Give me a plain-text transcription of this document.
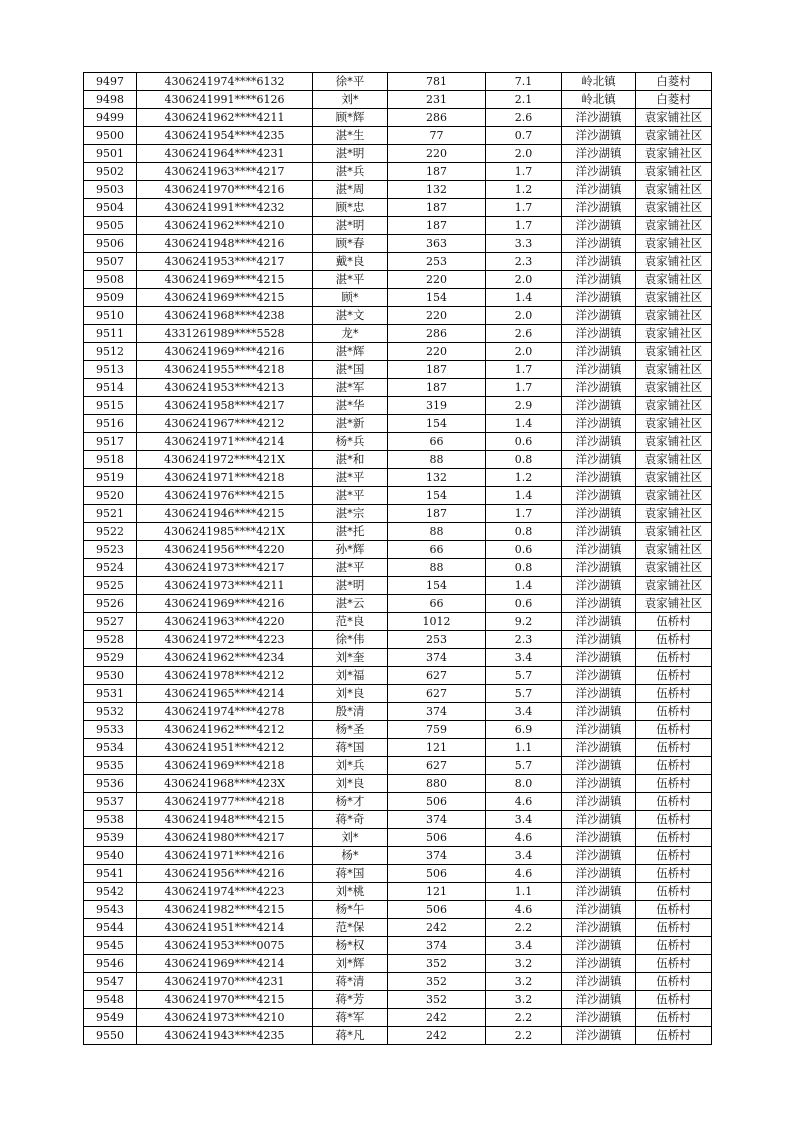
9497	4306241974****6132	徐*平	781	7.1	岭北镇	白菱村
9498	4306241991****6126	刘*	231	2.1	岭北镇	白菱村
9499	4306241962****4211	顾*辉	286	2.6	洋沙湖镇	袁家铺社区
9500	4306241954****4235	湛*生	77	0.7	洋沙湖镇	袁家铺社区
9501	4306241964****4231	湛*明	220	2.0	洋沙湖镇	袁家铺社区
9502	4306241963****4217	湛*兵	187	1.7	洋沙湖镇	袁家铺社区
9503	4306241970****4216	湛*周	132	1.2	洋沙湖镇	袁家铺社区
9504	4306241991****4232	顾*忠	187	1.7	洋沙湖镇	袁家铺社区
9505	4306241962****4210	湛*明	187	1.7	洋沙湖镇	袁家铺社区
9506	4306241948****4216	顾*春	363	3.3	洋沙湖镇	袁家铺社区
9507	4306241953****4217	戴*良	253	2.3	洋沙湖镇	袁家铺社区
9508	4306241969****4215	湛*平	220	2.0	洋沙湖镇	袁家铺社区
9509	4306241969****4215	顾*	154	1.4	洋沙湖镇	袁家铺社区
9510	4306241968****4238	湛*文	220	2.0	洋沙湖镇	袁家铺社区
9511	4331261989****5528	龙*	286	2.6	洋沙湖镇	袁家铺社区
9512	4306241969****4216	湛*辉	220	2.0	洋沙湖镇	袁家铺社区
9513	4306241955****4218	湛*国	187	1.7	洋沙湖镇	袁家铺社区
9514	4306241953****4213	湛*军	187	1.7	洋沙湖镇	袁家铺社区
9515	4306241958****4217	湛*华	319	2.9	洋沙湖镇	袁家铺社区
9516	4306241967****4212	湛*新	154	1.4	洋沙湖镇	袁家铺社区
9517	4306241971****4214	杨*兵	66	0.6	洋沙湖镇	袁家铺社区
9518	4306241972****421X	湛*和	88	0.8	洋沙湖镇	袁家铺社区
9519	4306241971****4218	湛*平	132	1.2	洋沙湖镇	袁家铺社区
9520	4306241976****4215	湛*平	154	1.4	洋沙湖镇	袁家铺社区
9521	4306241946****4215	湛*宗	187	1.7	洋沙湖镇	袁家铺社区
9522	4306241985****421X	湛*托	88	0.8	洋沙湖镇	袁家铺社区
9523	4306241956****4220	孙*辉	66	0.6	洋沙湖镇	袁家铺社区
9524	4306241973****4217	湛*平	88	0.8	洋沙湖镇	袁家铺社区
9525	4306241973****4211	湛*明	154	1.4	洋沙湖镇	袁家铺社区
9526	4306241969****4216	湛*云	66	0.6	洋沙湖镇	袁家铺社区
9527	4306241963****4220	范*良	1012	9.2	洋沙湖镇	伍桥村
9528	4306241972****4223	徐*伟	253	2.3	洋沙湖镇	伍桥村
9529	4306241962****4234	刘*奎	374	3.4	洋沙湖镇	伍桥村
9530	4306241978****4212	刘*福	627	5.7	洋沙湖镇	伍桥村
9531	4306241965****4214	刘*良	627	5.7	洋沙湖镇	伍桥村
9532	4306241974****4278	殷*清	374	3.4	洋沙湖镇	伍桥村
9533	4306241962****4212	杨*圣	759	6.9	洋沙湖镇	伍桥村
9534	4306241951****4212	蒋*国	121	1.1	洋沙湖镇	伍桥村
9535	4306241969****4218	刘*兵	627	5.7	洋沙湖镇	伍桥村
9536	4306241968****423X	刘*良	880	8.0	洋沙湖镇	伍桥村
9537	4306241977****4218	杨*才	506	4.6	洋沙湖镇	伍桥村
9538	4306241948****4215	蒋*奇	374	3.4	洋沙湖镇	伍桥村
9539	4306241980****4217	刘*	506	4.6	洋沙湖镇	伍桥村
9540	4306241971****4216	杨*	374	3.4	洋沙湖镇	伍桥村
9541	4306241956****4216	蒋*国	506	4.6	洋沙湖镇	伍桥村
9542	4306241974****4223	刘*桃	121	1.1	洋沙湖镇	伍桥村
9543	4306241982****4215	杨*午	506	4.6	洋沙湖镇	伍桥村
9544	4306241951****4214	范*保	242	2.2	洋沙湖镇	伍桥村
9545	4306241953****0075	杨*权	374	3.4	洋沙湖镇	伍桥村
9546	4306241969****4214	刘*辉	352	3.2	洋沙湖镇	伍桥村
9547	4306241970****4231	蒋*清	352	3.2	洋沙湖镇	伍桥村
9548	4306241970****4215	蒋*芳	352	3.2	洋沙湖镇	伍桥村
9549	4306241973****4210	蒋*军	242	2.2	洋沙湖镇	伍桥村
9550	4306241943****4235	蒋*凡	242	2.2	洋沙湖镇	伍桥村
